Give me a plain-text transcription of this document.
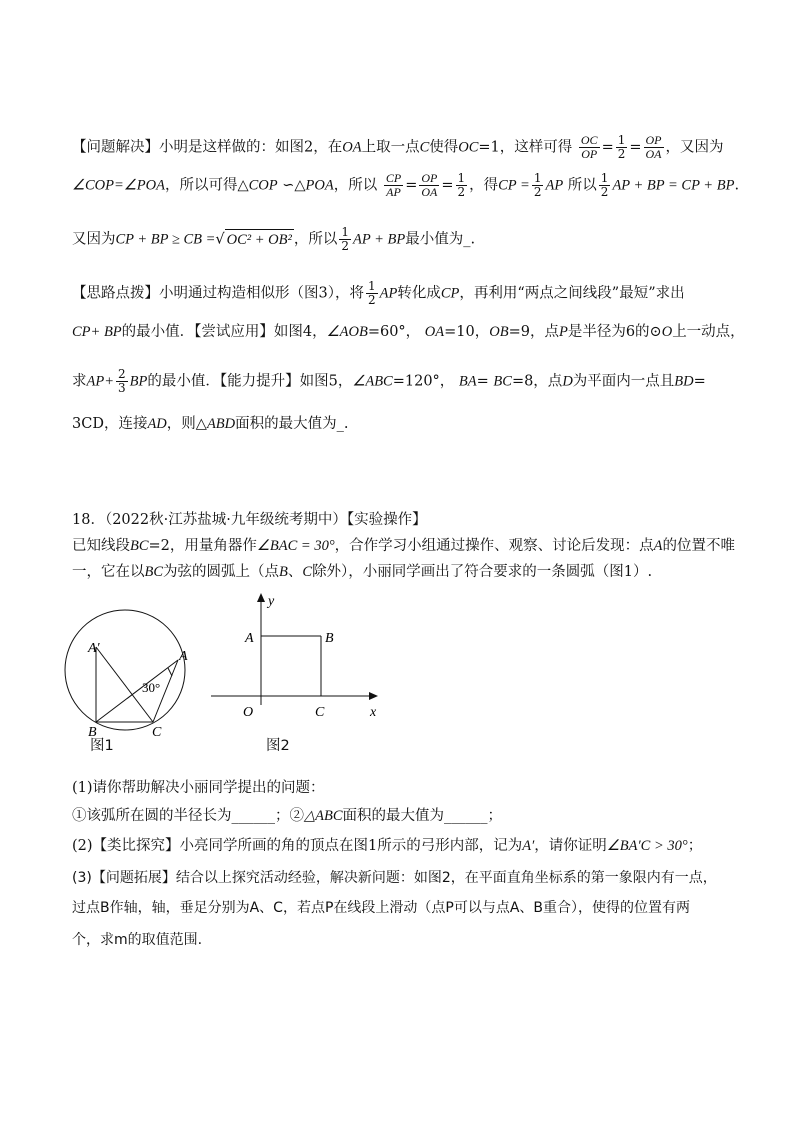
【问题解决】小明是这样做的：如图2，在OA上取一点C使得OC=1，这样可得 $\frac{OC}{OP} = \frac{1}{2} = \frac{OP}{OA}$ ，又因为
∠COP=∠POA，所以可得△COP ∽△POA，所以 $\frac{CP}{AP} = \frac{OP}{OA} = \frac{1}{2}$ ，得CP = $\frac{1}{2}$ AP 所以 $\frac{1}{2}$ AP + BP = CP + BP.
又因为CP + BP ≥ CB =√ OC² + OB² ，所以 $\frac{1}{2}$ AP + BP最小值为_.
【思路点拨】小明通过构造相似形（图3），将 $\frac{1}{2}$ AP转化成CP，再利用“两点之间线段”最短”求出
CP+ BP的最小值．【尝试应用】如图4，∠AOB=60°， OA=10，OB=9，点P是半径为6的⊙O上一动点，
求$AP+ \frac{2}{3}$ BP的最小值．【能力提升】如图5，∠ABC=120°， BA= BC=8，点D为平面内一点且BD=
3CD，连接AD，则△ABD面积的最大值为_.
18．（2022秋·江苏盐城·九年级统考期中）【实验操作】
已知线段BC=2，用量角器作∠BAC = 30°，合作学习小组通过操作、观察、讨论后发现：点A的位置不唯
一，它在以BC为弦的圆弧上（点B、C除外），小丽同学画出了符合要求的一条圆弧（图1）.
A′
A
30°
B	C
图1
y
A	B
O	C	x
图2
(1)请你帮助解决小丽同学提出的问题：
①该弧所在圆的半径长为______；②△ABC面积的最大值为______；
(2)【类比探究】小亮同学所画的角的顶点在图1所示的弓形内部，记为A′，请你证明∠BA′C > 30°；
(3)【问题拓展】结合以上探究活动经验，解决新问题：如图2，在平面直角坐标系的第一象限内有一点，
过点B作轴，轴，垂足分别为A、C，若点P在线段上滑动（点P可以与点A、B重合），使得的位置有两
个，求m的取值范围.
